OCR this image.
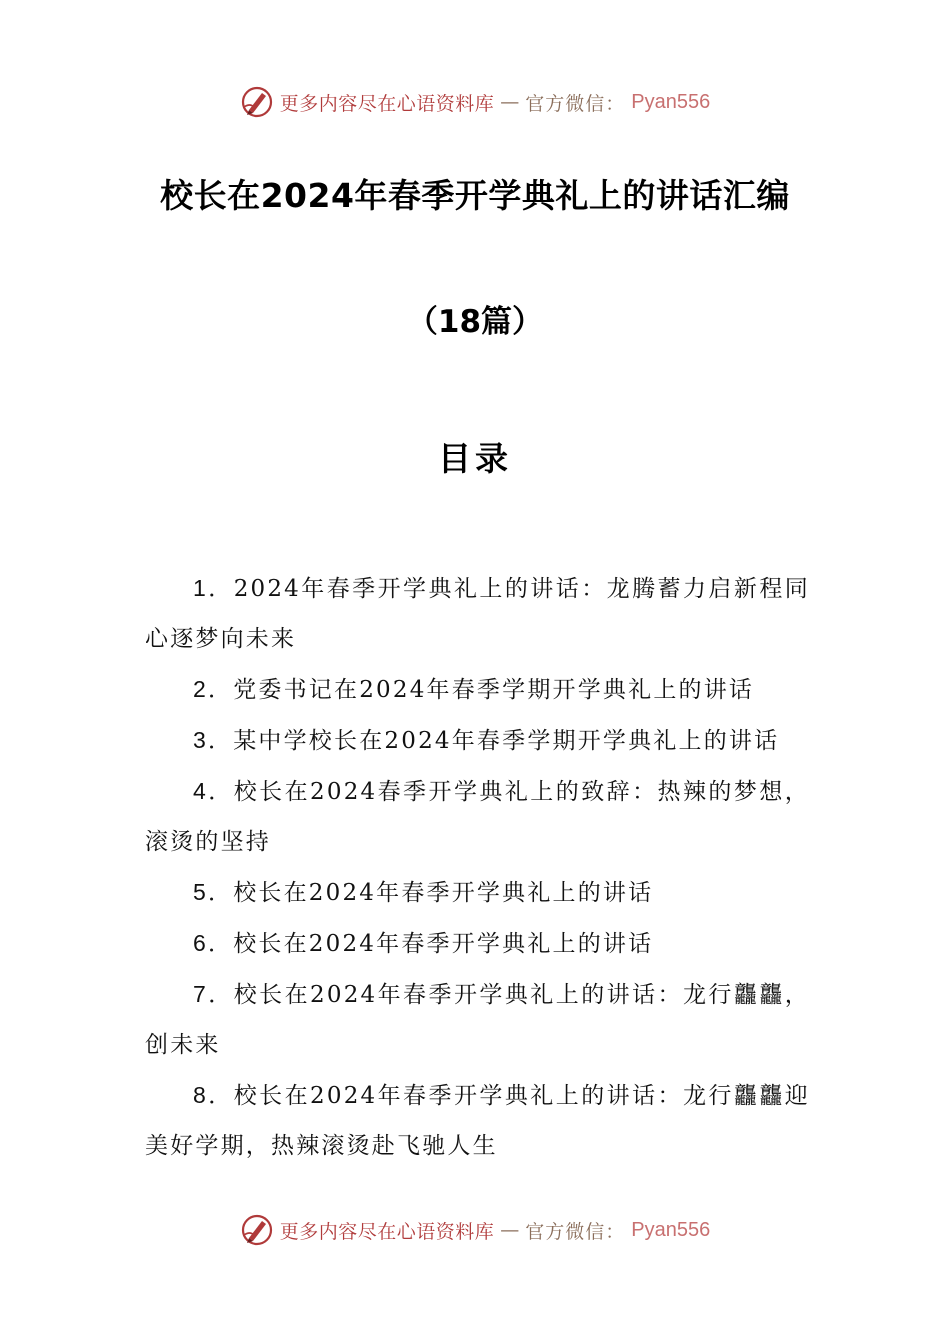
更多内容尽在心语资料库 — 官方微信： Pyan556
校长在2024年春季开学典礼上的讲话汇编
（18篇）
目录

1．2024年春季开学典礼上的讲话：龙腾蓄力启新程同心逐梦向未来

2．党委书记在2024年春季学期开学典礼上的讲话

3．某中学校长在2024年春季学期开学典礼上的讲话

4．校长在2024春季开学典礼上的致辞：热辣的梦想，滚烫的坚持

5．校长在2024年春季开学典礼上的讲话

6．校长在2024年春季开学典礼上的讲话

7．校长在2024年春季开学典礼上的讲话：龙行龘龘，创未来

8．校长在2024年春季开学典礼上的讲话：龙行龘龘迎美好学期，热辣滚烫赴飞驰人生

更多内容尽在心语资料库 — 官方微信： Pyan556
